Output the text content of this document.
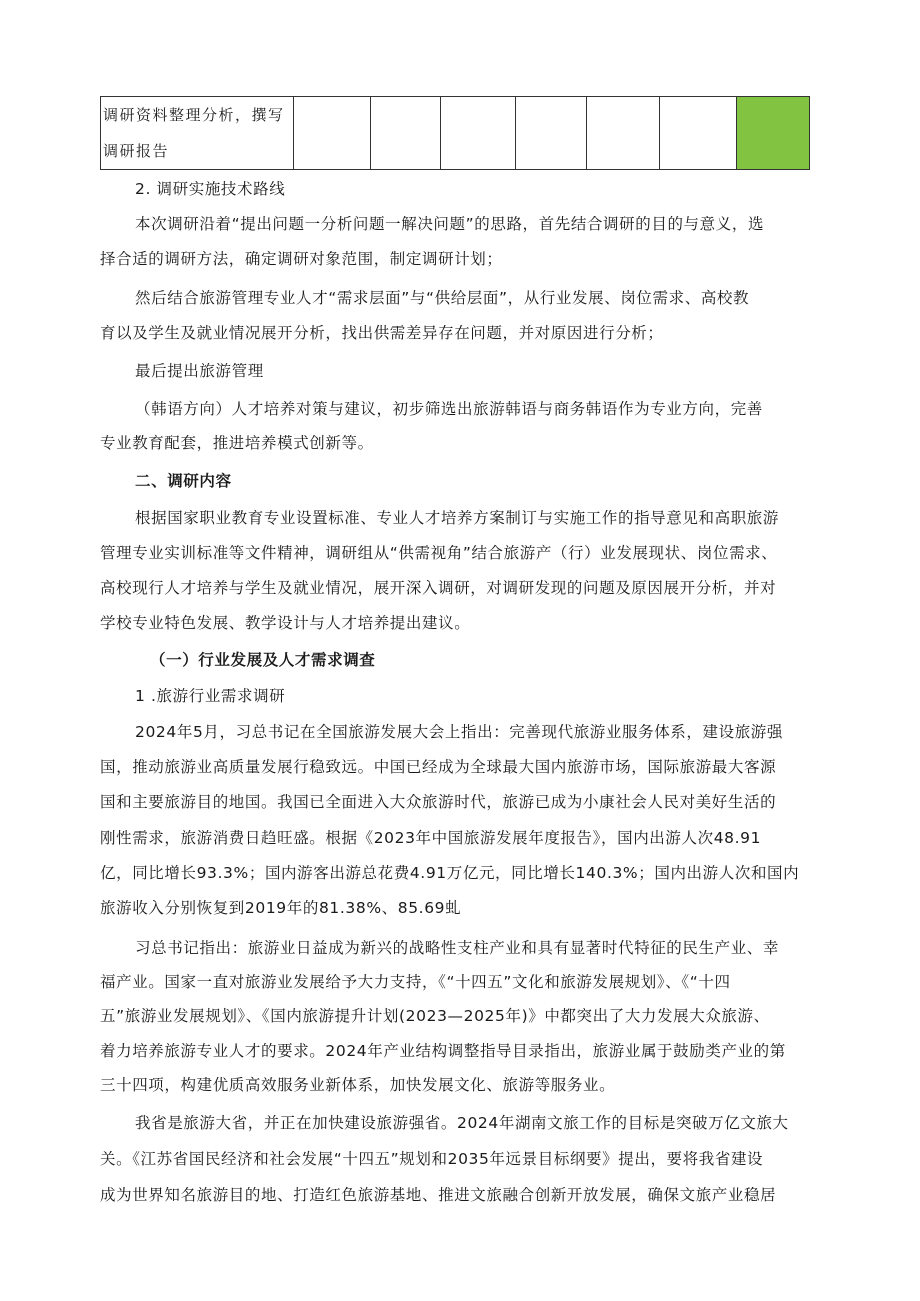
调研资料整理分析，撰写调研报告							
2. 调研实施技术路线
本次调研沿着“提出问题一分析问题一解决问题”的思路，首先结合调研的目的与意义，选
择合适的调研方法，确定调研对象范围，制定调研计划；
然后结合旅游管理专业人才“需求层面”与“供给层面”，从行业发展、岗位需求、高校教
育以及学生及就业情况展开分析，找出供需差异存在问题，并对原因进行分析；
最后提出旅游管理
（韩语方向）人才培养对策与建议，初步筛选出旅游韩语与商务韩语作为专业方向，完善
专业教育配套，推进培养模式创新等。
二、调研内容
根据国家职业教育专业设置标准、专业人才培养方案制订与实施工作的指导意见和高职旅游
管理专业实训标准等文件精神，调研组从“供需视角”结合旅游产（行）业发展现状、岗位需求、
高校现行人才培养与学生及就业情况，展开深入调研，对调研发现的问题及原因展开分析，并对
学校专业特色发展、教学设计与人才培养提出建议。
（一）行业发展及人才需求调查
1 .旅游行业需求调研
2024年5月，习总书记在全国旅游发展大会上指出：完善现代旅游业服务体系，建设旅游强
国，推动旅游业高质量发展行稳致远。中国已经成为全球最大国内旅游市场，国际旅游最大客源
国和主要旅游目的地国。我国已全面进入大众旅游时代，旅游已成为小康社会人民对美好生活的
刚性需求，旅游消费日趋旺盛。根据《2023年中国旅游发展年度报告》，国内出游人次48.91
亿，同比增长93.3%；国内游客出游总花费4.91万亿元，同比增长140.3%；国内出游人次和国内
旅游收入分别恢复到2019年的81.38%、85.69虬
习总书记指出：旅游业日益成为新兴的战略性支柱产业和具有显著时代特征的民生产业、幸
福产业。国家一直对旅游业发展给予大力支持，《“十四五”文化和旅游发展规划》、《“十四
五”旅游业发展规划》、《国内旅游提升计划(2023—2025年)》中都突出了大力发展大众旅游、
着力培养旅游专业人才的要求。2024年产业结构调整指导目录指出，旅游业属于鼓励类产业的第
三十四项，构建优质高效服务业新体系，加快发展文化、旅游等服务业。
我省是旅游大省，并正在加快建设旅游强省。2024年湖南文旅工作的目标是突破万亿文旅大
关。《江苏省国民经济和社会发展“十四五”规划和2035年远景目标纲要》提出，要将我省建设
成为世界知名旅游目的地、打造红色旅游基地、推进文旅融合创新开放发展，确保文旅产业稳居
